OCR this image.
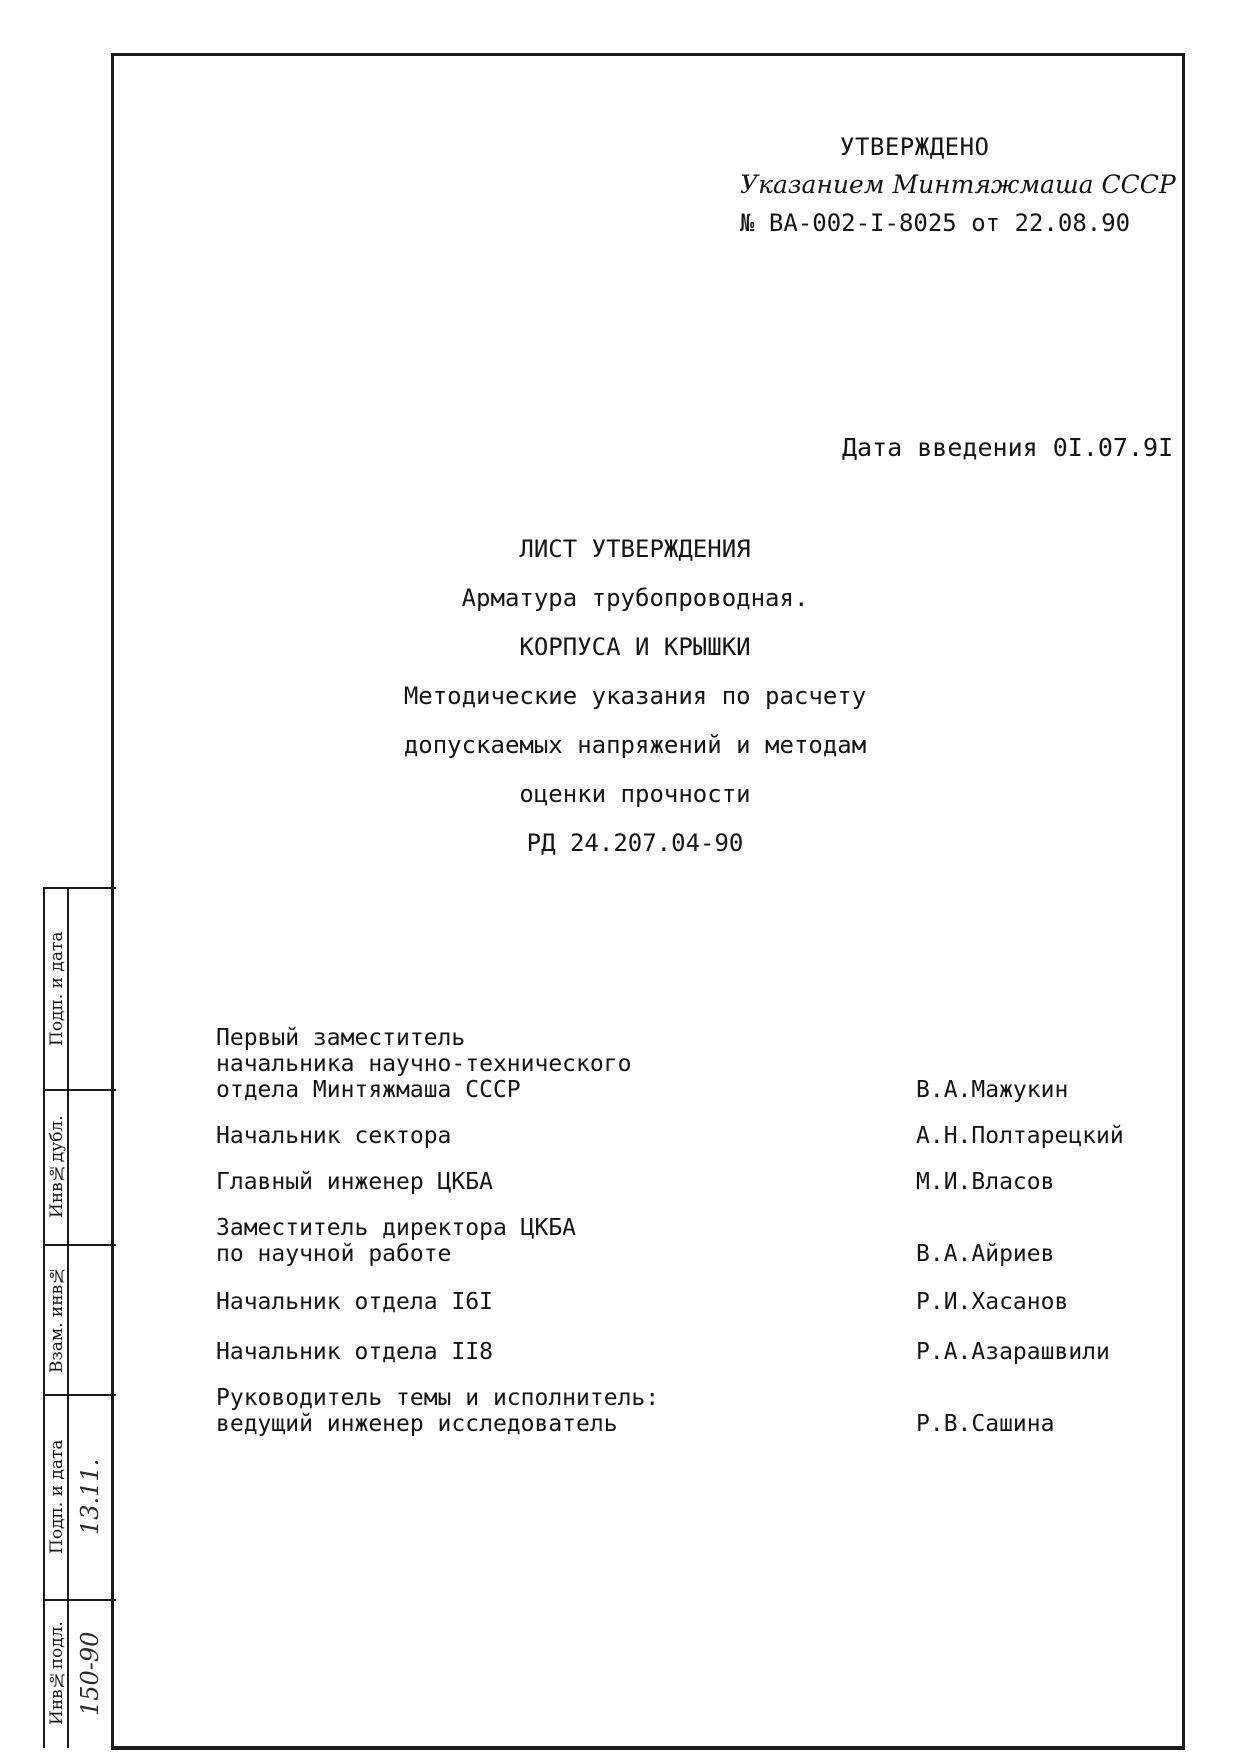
УТВЕРЖДЕНО
Указанием Минтяжмаша СССР
№ ВА-002-I-8025 от 22.08.90
Дата введения 0I.07.9I
ЛИСТ УТВЕРЖДЕНИЯ
Арматура трубопроводная.
КОРПУСА И КРЫШКИ
Методические указания по расчету
допускаемых напряжений и методам
оценки прочности
РД 24.207.04-90
Первый заместитель
начальника научно-технического
отдела Минтяжмаша СССР	В.А.Мажукин
Начальник сектора	А.Н.Полтарецкий
Главный инженер ЦКБА	М.И.Власов
Заместитель директора ЦКБА
по научной работе	В.А.Айриев
Начальник отдела I6I	Р.И.Хасанов
Начальник отдела II8	Р.А.Азарашвили
Руководитель темы и исполнитель:
ведущий инженер исследователь	Р.В.Сашина
Подп. и дата
Инв№дубл.
Взам. инв№
Подп. и дата 13.11.
Инв№подл. 150-90
